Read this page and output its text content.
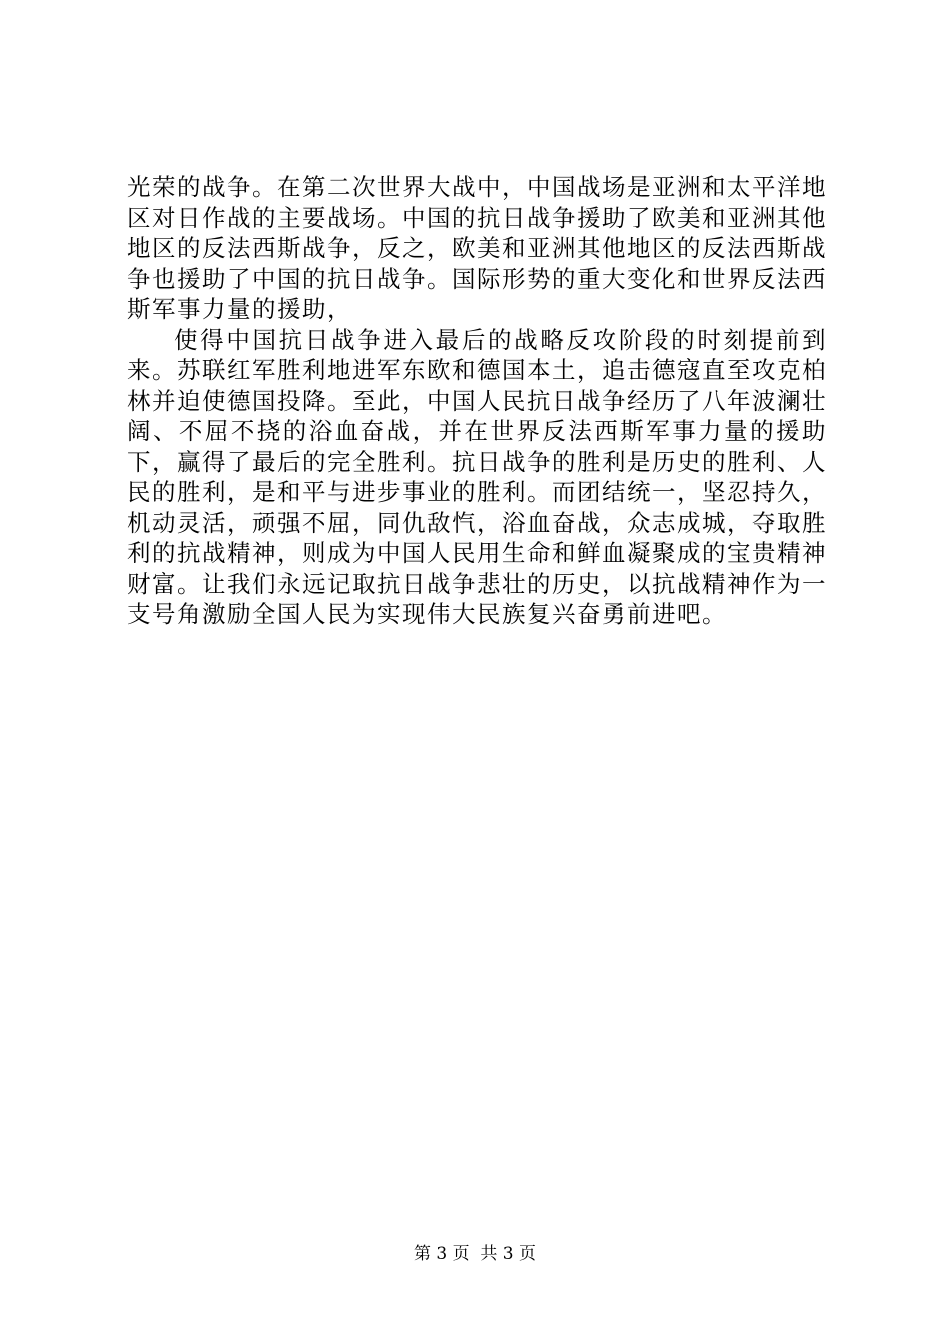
光荣的战争。在第二次世界大战中，中国战场是亚洲和太平洋地区对日作战的主要战场。中国的抗日战争援助了欧美和亚洲其他地区的反法西斯战争，反之，欧美和亚洲其他地区的反法西斯战争也援助了中国的抗日战争。国际形势的重大变化和世界反法西斯军事力量的援助，

使得中国抗日战争进入最后的战略反攻阶段的时刻提前到来。苏联红军胜利地进军东欧和德国本土，追击德寇直至攻克柏林并迫使德国投降。至此，中国人民抗日战争经历了八年波澜壮阔、不屈不挠的浴血奋战，并在世界反法西斯军事力量的援助下，赢得了最后的完全胜利。抗日战争的胜利是历史的胜利、人民的胜利，是和平与进步事业的胜利。而团结统一，坚忍持久，机动灵活，顽强不屈，同仇敌忾，浴血奋战，众志成城，夺取胜利的抗战精神，则成为中国人民用生命和鲜血凝聚成的宝贵精神财富。让我们永远记取抗日战争悲壮的历史，以抗战精神作为一支号角激励全国人民为实现伟大民族复兴奋勇前进吧。

第 3 页  共 3 页
